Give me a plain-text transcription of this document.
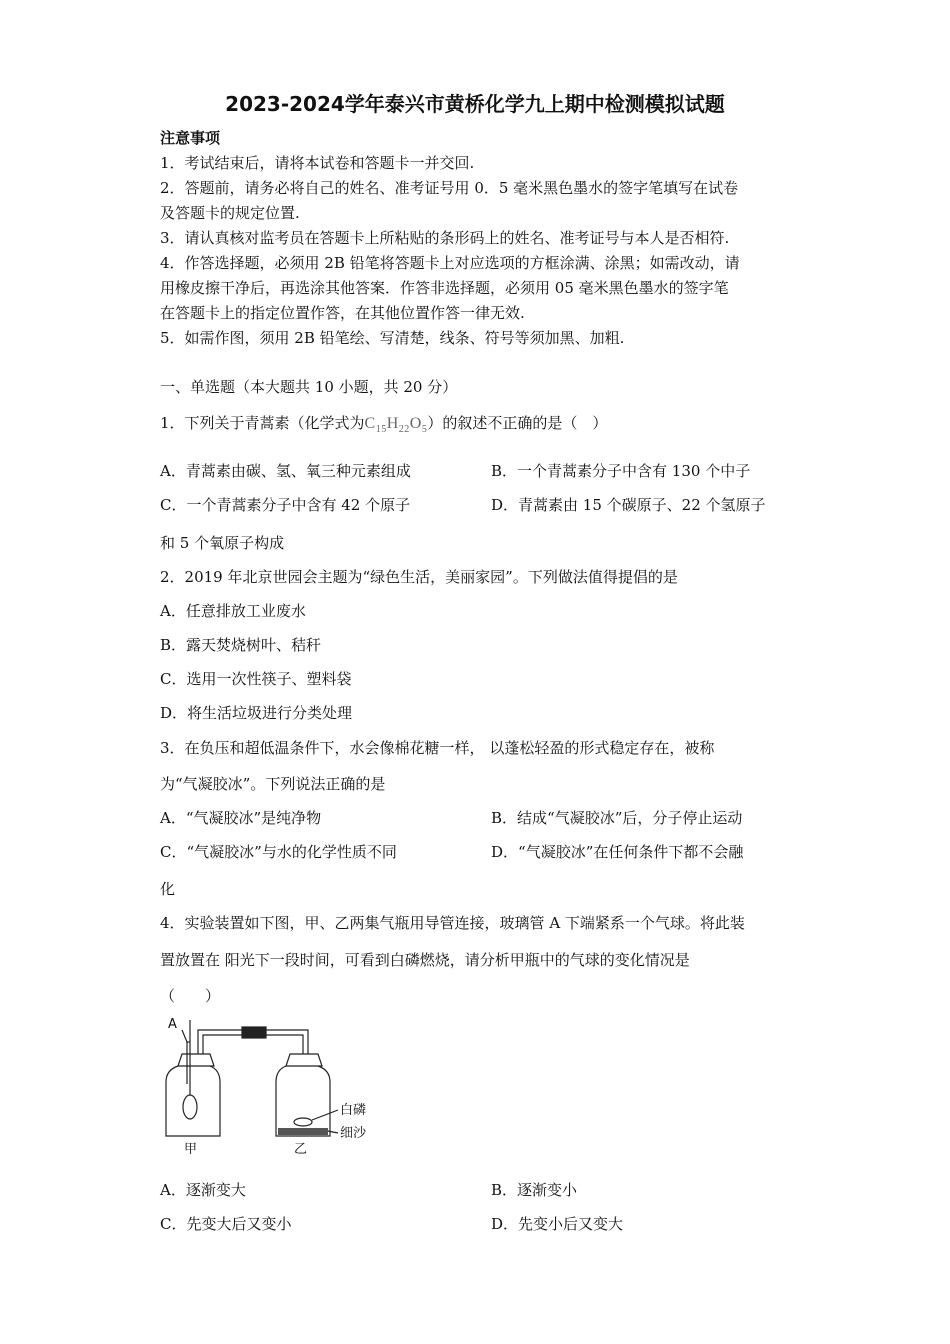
2023-2024学年泰兴市黄桥化学九上期中检测模拟试题
注意事项
1．考试结束后，请将本试卷和答题卡一并交回.
2．答题前，请务必将自己的姓名、准考证号用 0．5 毫米黑色墨水的签字笔填写在试卷
及答题卡的规定位置.
3．请认真核对监考员在答题卡上所粘贴的条形码上的姓名、准考证号与本人是否相符.
4．作答选择题，必须用 2B 铅笔将答题卡上对应选项的方框涂满、涂黑；如需改动，请
用橡皮擦干净后，再选涂其他答案．作答非选择题，必须用 05 毫米黑色墨水的签字笔
在答题卡上的指定位置作答，在其他位置作答一律无效.
5．如需作图，须用 2B 铅笔绘、写清楚，线条、符号等须加黑、加粗.
一、单选题（本大题共 10 小题，共 20 分）
1．下列关于青蒿素（化学式为$C_{15}H_{22}O_5$）的叙述不正确的是（　）
A．青蒿素由碳、氢、氧三种元素组成	B．一个青蒿素分子中含有 130 个中子
C．一个青蒿素分子中含有 42 个原子	D．青蒿素由 15 个碳原子、22 个氢原子
和 5 个氧原子构成
2．2019 年北京世园会主题为“绿色生活，美丽家园”。下列做法值得提倡的是
A．任意排放工业废水
B．露天焚烧树叶、秸秆
C．选用一次性筷子、塑料袋
D．将生活垃圾进行分类处理
3．在负压和超低温条件下，水会像棉花糖一样， 以蓬松轻盈的形式稳定存在，被称
为“气凝胶冰”。下列说法正确的是
A．“气凝胶冰”是纯净物	B．结成“气凝胶冰”后，分子停止运动
C．“气凝胶冰”与水的化学性质不同	D．“气凝胶冰”在任何条件下都不会融
化
4．实验装置如下图，甲、乙两集气瓶用导管连接，玻璃管 A 下端紧系一个气球。将此装
置放置在 阳光下一段时间，可看到白磷燃烧，请分析甲瓶中的气球的变化情况是
（　　）
A
甲	乙
白磷
细沙
A．逐渐变大	B．逐渐变小
C．先变大后又变小	D．先变小后又变大
